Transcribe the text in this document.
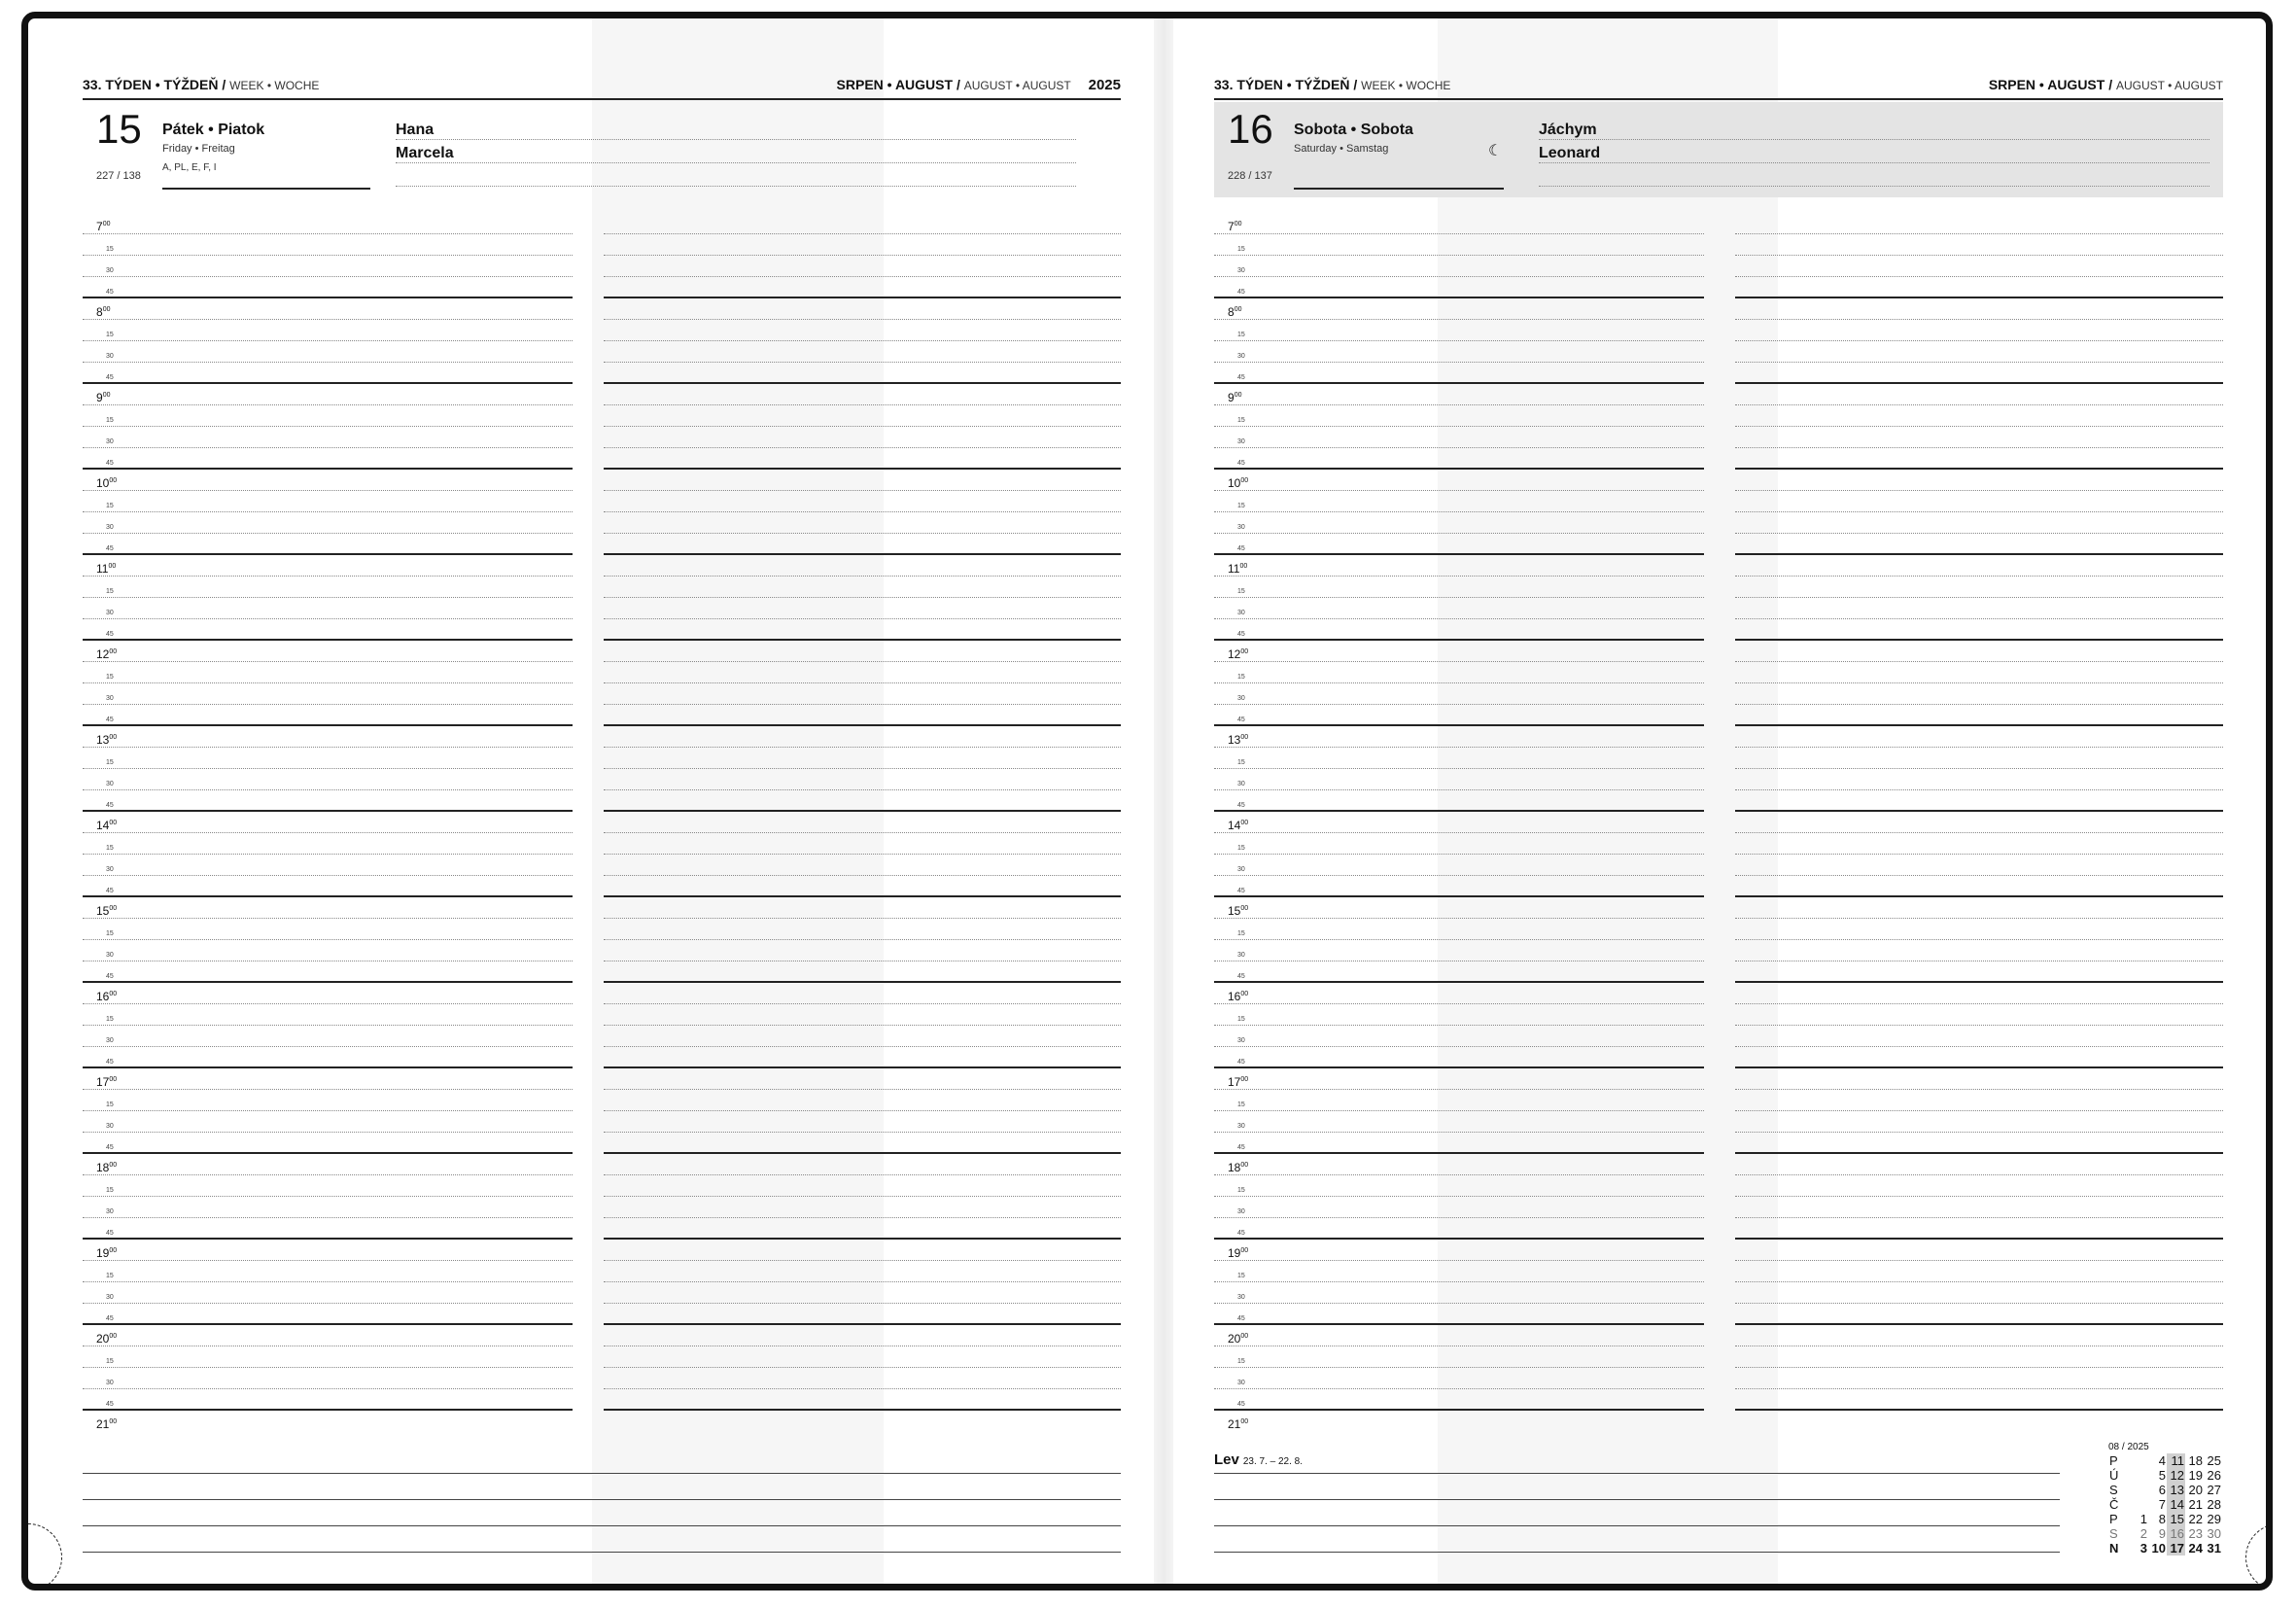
33. TÝDEN • TÝŽDEŇ / WEEK • WOCHE	SRPEN • AUGUST / AUGUST • AUGUST 2025
15
227 / 138
Pátek • Piatok
Friday • Freitag
A, PL, E, F, I
Hana
Marcela
$7^{00}$
15
30
45
$8^{00}$
15
30
45
$9^{00}$
15
30
45
$10^{00}$
15
30
45
$11^{00}$
15
30
45
$12^{00}$
15
30
45
$13^{00}$
15
30
45
$14^{00}$
15
30
45
$15^{00}$
15
30
45
$16^{00}$
15
30
45
$17^{00}$
15
30
45
$18^{00}$
15
30
45
$19^{00}$
15
30
45
$20^{00}$
15
30
45
$21^{00}$
33. TÝDEN • TÝŽDEŇ / WEEK • WOCHE	SRPEN • AUGUST / AUGUST • AUGUST
16
228 / 137
Sobota • Sobota
Saturday • Samstag	☾
Jáchym
Leonard
$7^{00}$
15
30
45
$8^{00}$
15
30
45
$9^{00}$
15
30
45
$10^{00}$
15
30
45
$11^{00}$
15
30
45
$12^{00}$
15
30
45
$13^{00}$
15
30
45
$14^{00}$
15
30
45
$15^{00}$
15
30
45
$16^{00}$
15
30
45
$17^{00}$
15
30
45
$18^{00}$
15
30
45
$19^{00}$
15
30
45
$20^{00}$
15
30
45
$21^{00}$
Lev 23. 7. – 22. 8.
08 / 2025
P		4	11	18	25
Ú		5	12	19	26
S		6	13	20	27
Č		7	14	21	28
P	1	8	15	22	29
S	2	9	16	23	30
N	3	10	17	24	31
